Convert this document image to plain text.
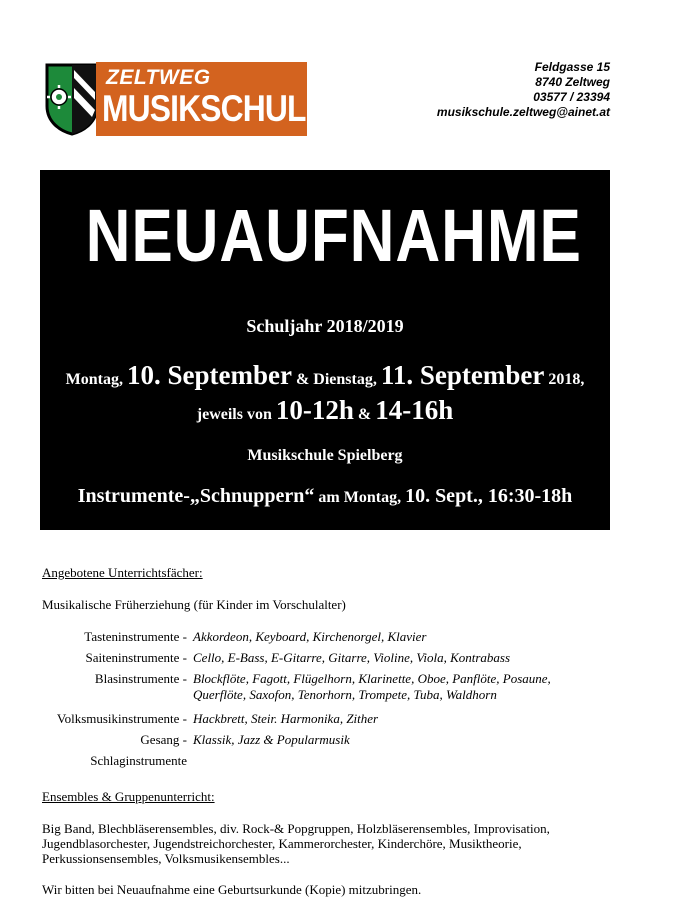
ZELTWEG
MUSIKSCHULE
Feldgasse 15
8740 Zeltweg
03577 / 23394
musikschule.zeltweg@ainet.at
NEUAUFNAHME
Schuljahr 2018/2019
Montag, 10. September & Dienstag, 11. September 2018,
jeweils von 10-12h & 14-16h
Musikschule Spielberg
Instrumente-„Schnuppern“ am Montag, 10. Sept., 16:30-18h
Angebotene Unterrichtsfächer:
Musikalische Früherziehung (für Kinder im Vorschulalter)
Tasteninstrumente - Akkordeon, Keyboard, Kirchenorgel, Klavier
Saiteninstrumente - Cello, E-Bass, E-Gitarre, Gitarre, Violine, Viola, Kontrabass
Blasinstrumente - Blockflöte, Fagott, Flügelhorn, Klarinette, Oboe, Panflöte, Posaune,
Querflöte, Saxofon, Tenorhorn, Trompete, Tuba, Waldhorn
Volksmusikinstrumente - Hackbrett, Steir. Harmonika, Zither
Gesang - Klassik, Jazz & Popularmusik
Schlaginstrumente
Ensembles & Gruppenunterricht:
Big Band, Blechbläserensembles, div. Rock-& Popgruppen, Holzbläserensembles, Improvisation,
Jugendblasorchester, Jugendstreichorchester, Kammerorchester, Kinderchöre, Musiktheorie,
Perkussionsensembles, Volksmusikensembles...
Wir bitten bei Neuaufnahme eine Geburtsurkunde (Kopie) mitzubringen.
